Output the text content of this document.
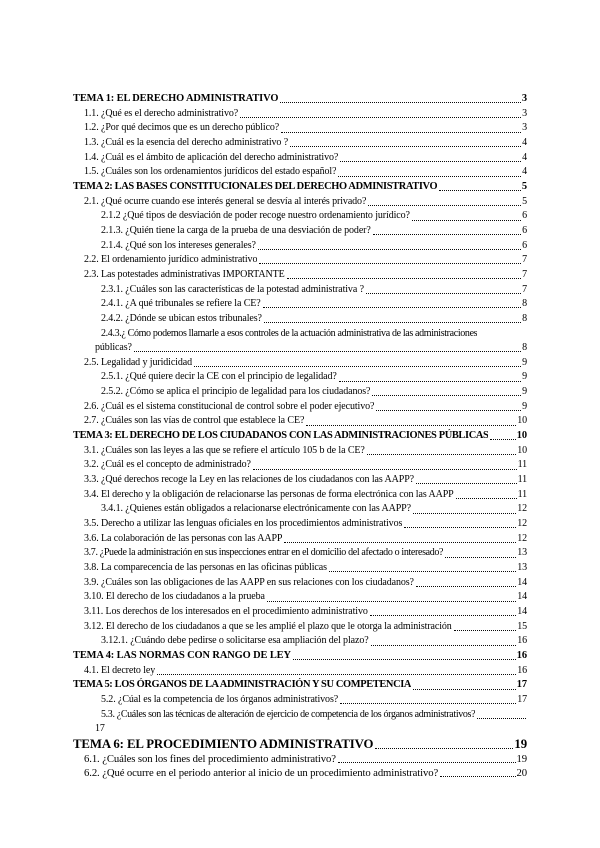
TEMA 1: EL DERECHO ADMINISTRATIVO	3
1.1. ¿Qué es el derecho administrativo?	3
1.2. ¿Por qué decimos que es un derecho público?	3
1.3. ¿Cuál es la esencia del derecho administrativo ?	4
1.4. ¿Cuál es el ámbito de aplicación del derecho administrativo?	4
1.5. ¿Cuáles son los ordenamientos jurídicos del estado español?	4
TEMA 2: LAS BASES CONSTITUCIONALES DEL DERECHO ADMINISTRATIVO	5
2.1. ¿Qué ocurre cuando ese interés general se desvía al interés privado?	5
2.1.2 ¿Qué tipos de desviación de poder recoge nuestro ordenamiento jurídico?	6
2.1.3. ¿Quién tiene la carga de la prueba de una desviación de poder?	6
2.1.4. ¿Qué son los intereses generales?	6
2.2. El ordenamiento jurídico administrativo	7
2.3. Las potestades administrativas IMPORTANTE	7
2.3.1. ¿Cuáles son las características de la potestad administrativa ?	7
2.4.1. ¿A qué tribunales se refiere la CE?	8
2.4.2. ¿Dónde se ubican estos tribunales?	8
2.4.3.¿ Cómo podemos llamarle a esos controles de la actuación administrativa de las administraciones
públicas?	8
2.5. Legalidad y juridicidad	9
2.5.1. ¿Qué quiere decir la CE con el principio de legalidad?	9
2.5.2. ¿Cómo se aplica el principio de legalidad para los ciudadanos?	9
2.6. ¿Cuál es el sistema constitucional de control sobre el poder ejecutivo?	9
2.7. ¿Cuáles son las vías de control que establece la CE?	10
TEMA 3: EL DERECHO DE LOS CIUDADANOS CON LAS ADMINISTRACIONES PÚBLICAS	10
3.1. ¿Cuáles son las leyes a las que se refiere el artículo 105 b de la CE?	10
3.2. ¿Cuál es el concepto de administrado?	11
3.3. ¿Qué derechos recoge la Ley en las relaciones de los ciudadanos con las AAPP?	11
3.4. El derecho y la obligación de relacionarse las personas de forma electrónica con las AAPP	11
3.4.1. ¿Quienes están obligados a relacionarse electrónicamente con las AAPP?	12
3.5. Derecho a utilizar las lenguas oficiales en los procedimientos administrativos	12
3.6. La colaboración de las personas con las AAPP	12
3.7. ¿Puede la administración en sus inspecciones entrar en el domicilio del afectado o interesado?	13
3.8. La comparecencia de las personas en las oficinas públicas	13
3.9. ¿Cuáles son las obligaciones de las AAPP en sus relaciones con los ciudadanos?	14
3.10. El derecho de los ciudadanos a la prueba	14
3.11. Los derechos de los interesados en el procedimiento administrativo	14
3.12. El derecho de los ciudadanos a que se les amplié el plazo que le otorga la administración	15
3.12.1. ¿Cuándo debe pedirse o solicitarse esa ampliación del plazo?	16
TEMA 4: LAS NORMAS CON RANGO DE LEY	16
4.1. El decreto ley	16
TEMA 5: LOS ÓRGANOS DE LA ADMINISTRACIÓN Y SU COMPETENCIA	17
5.2. ¿Cúal es la competencia de los órganos administrativos?	17
5.3. ¿Cuáles son las técnicas de alteración de ejercicio de competencia de los órganos administrativos?
17
TEMA 6: EL PROCEDIMIENTO ADMINISTRATIVO	19
6.1. ¿Cuáles son los fines del procedimiento administrativo?	19
6.2. ¿Qué ocurre en el periodo anterior al inicio de un procedimiento administrativo?	20
